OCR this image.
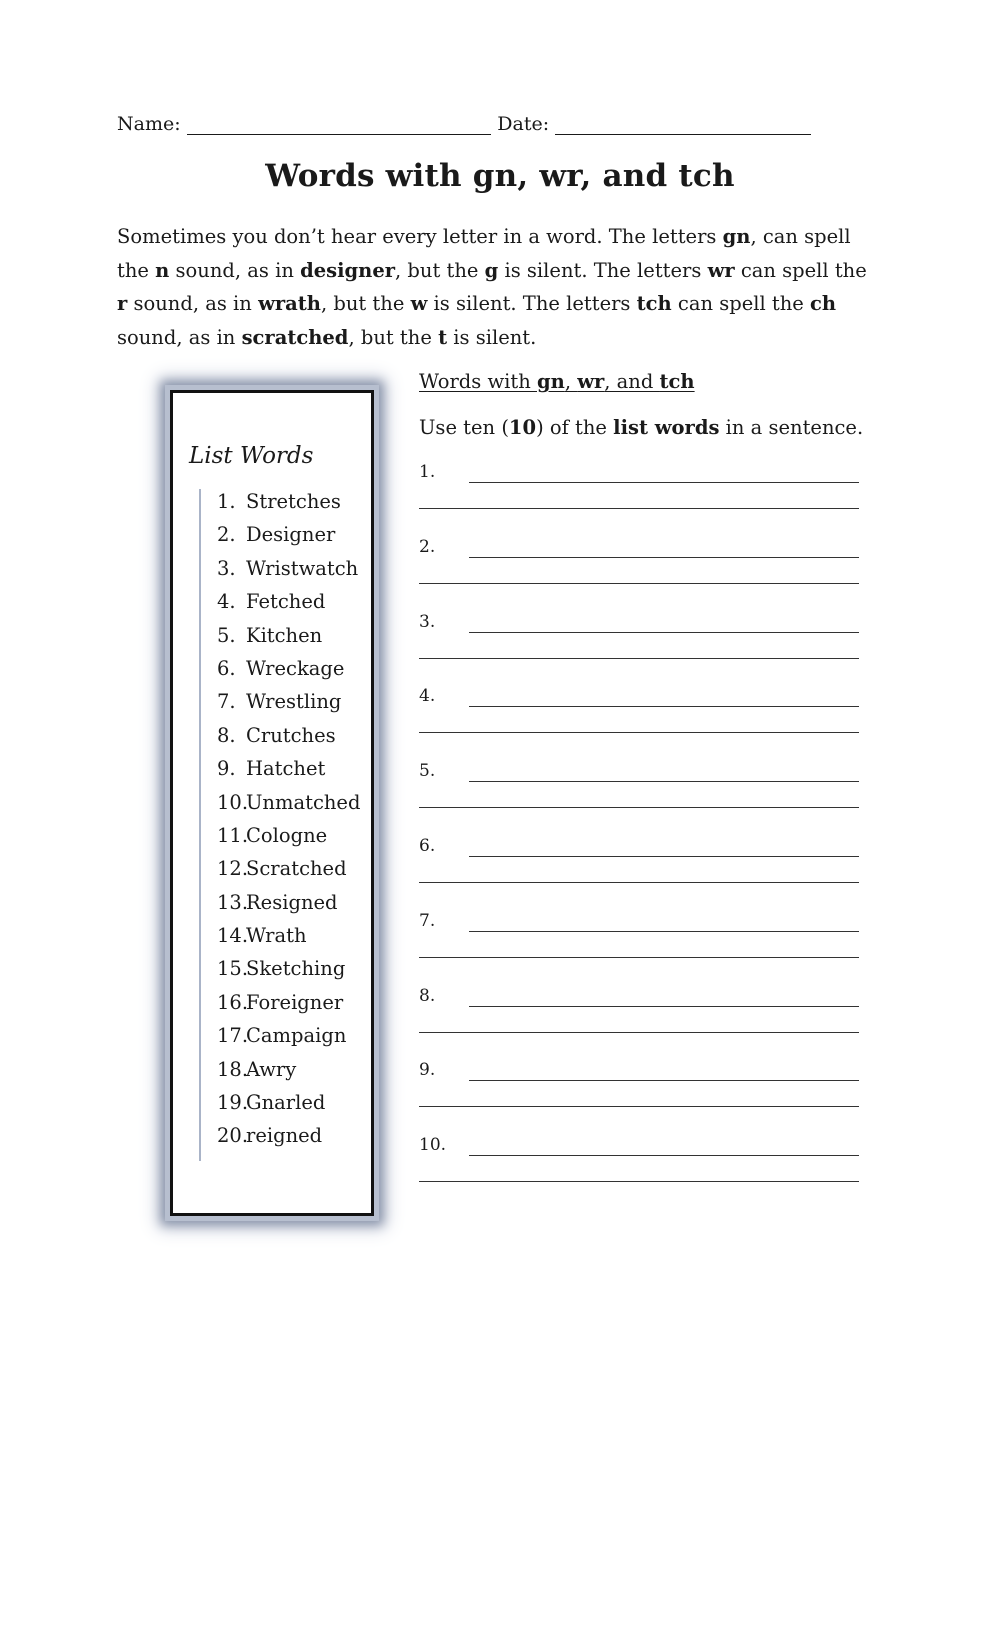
Name:	Date:
Words with gn, wr, and tch
Sometimes you don’t hear every letter in a word. The letters gn, can spell the n sound, as in designer, but the g is silent. The letters wr can spell the r sound, as in wrath, but the w is silent. The letters tch can spell the ch sound, as in scratched, but the t is silent.
List Words
1. Stretches
2. Designer
3. Wristwatch
4. Fetched
5. Kitchen
6. Wreckage
7. Wrestling
8. Crutches
9. Hatchet
10.Unmatched
11.Cologne
12.Scratched
13.Resigned
14.Wrath
15.Sketching
16.Foreigner
17.Campaign
18.Awry
19.Gnarled
20.reigned
Words with gn, wr, and tch
Use ten (10) of the list words in a sentence.
1.
2.
3.
4.
5.
6.
7.
8.
9.
10.
